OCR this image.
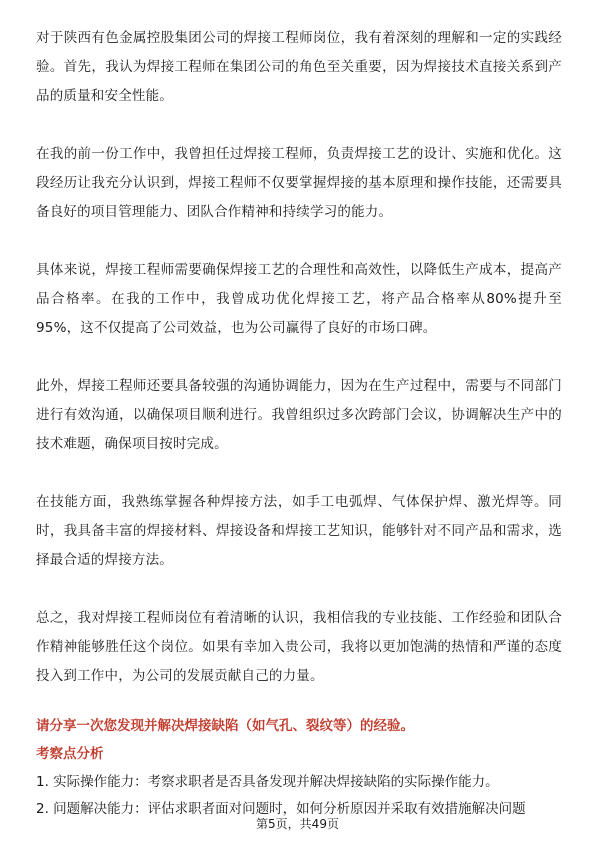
对于陕西有色金属控股集团公司的焊接工程师岗位，我有着深刻的理解和一定的实践经验。首先，我认为焊接工程师在集团公司的角色至关重要，因为焊接技术直接关系到产品的质量和安全性能。

在我的前一份工作中，我曾担任过焊接工程师，负责焊接工艺的设计、实施和优化。这段经历让我充分认识到，焊接工程师不仅要掌握焊接的基本原理和操作技能，还需要具备良好的项目管理能力、团队合作精神和持续学习的能力。

具体来说，焊接工程师需要确保焊接工艺的合理性和高效性，以降低生产成本，提高产品合格率。在我的工作中，我曾成功优化焊接工艺，将产品合格率从80%提升至95%，这不仅提高了公司效益，也为公司赢得了良好的市场口碑。

此外，焊接工程师还要具备较强的沟通协调能力，因为在生产过程中，需要与不同部门进行有效沟通，以确保项目顺利进行。我曾组织过多次跨部门会议，协调解决生产中的技术难题，确保项目按时完成。

在技能方面，我熟练掌握各种焊接方法，如手工电弧焊、气体保护焊、激光焊等。同时，我具备丰富的焊接材料、焊接设备和焊接工艺知识，能够针对不同产品和需求，选择最合适的焊接方法。

总之，我对焊接工程师岗位有着清晰的认识，我相信我的专业技能、工作经验和团队合作精神能够胜任这个岗位。如果有幸加入贵公司，我将以更加饱满的热情和严谨的态度投入到工作中，为公司的发展贡献自己的力量。

请分享一次您发现并解决焊接缺陷（如气孔、裂纹等）的经验。
考察点分析
1. 实际操作能力：考察求职者是否具备发现并解决焊接缺陷的实际操作能力。
2. 问题解决能力：评估求职者面对问题时，如何分析原因并采取有效措施解决问题
第5页，共49页
